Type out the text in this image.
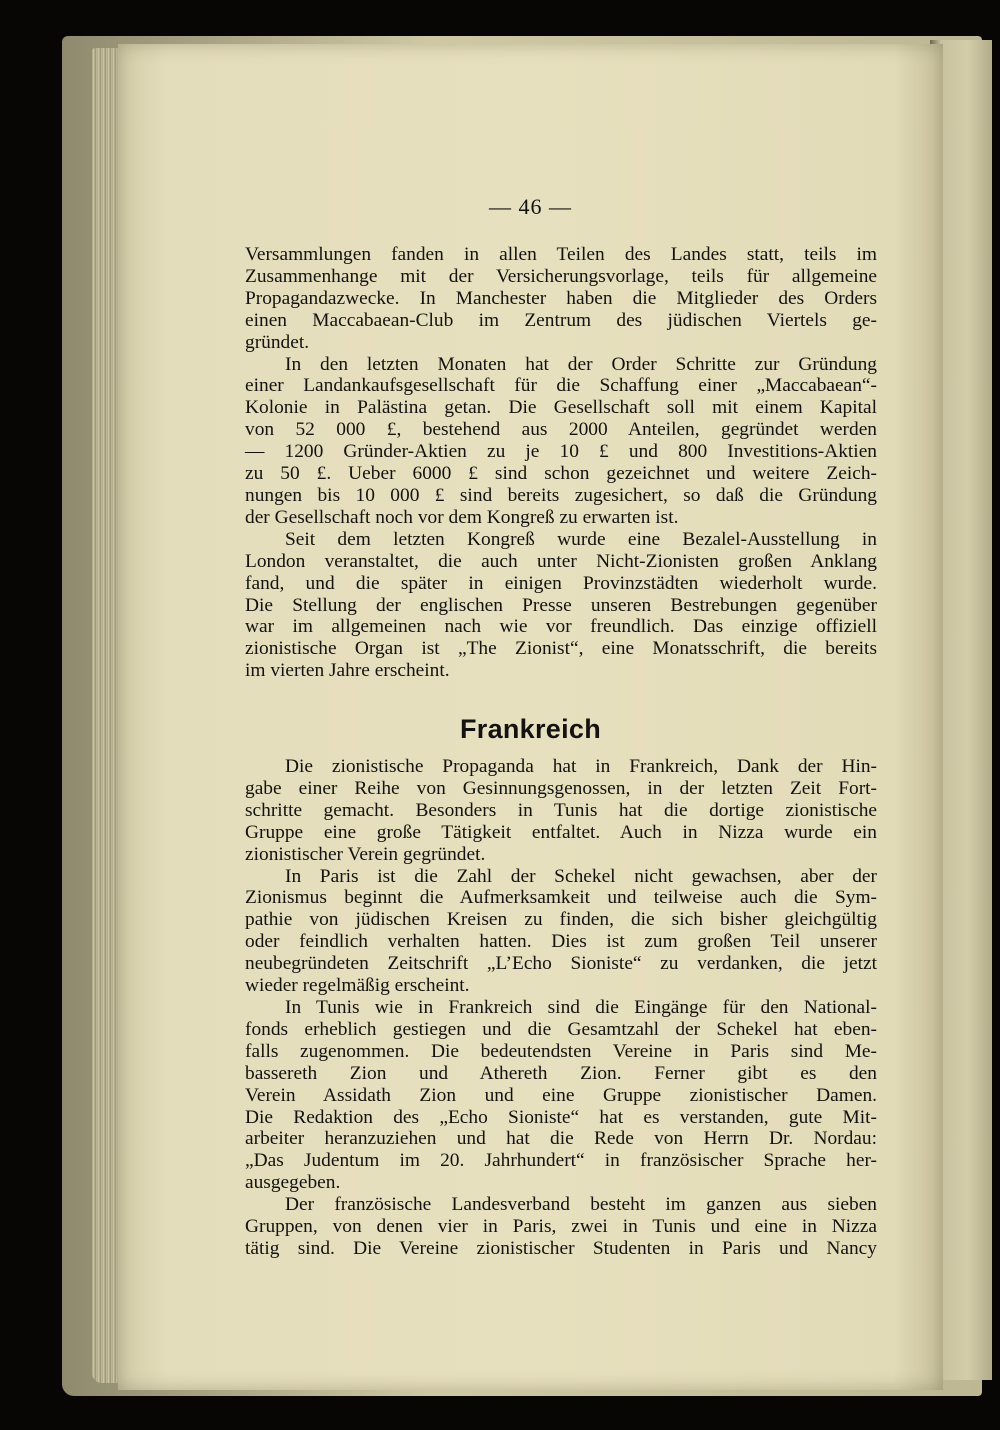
— 46 —
Versammlungen fanden in allen Teilen des Landes statt, teils im
Zusammenhange mit der Versicherungsvorlage, teils für allgemeine
Propagandazwecke. In Manchester haben die Mitglieder des Orders
einen Maccabaean-Club im Zentrum des jüdischen Viertels ge-
gründet.
In den letzten Monaten hat der Order Schritte zur Gründung
einer Landankaufsgesellschaft für die Schaffung einer „Maccabaean“-
Kolonie in Palästina getan. Die Gesellschaft soll mit einem Kapital
von 52 000 £, bestehend aus 2000 Anteilen, gegründet werden
— 1200 Gründer-Aktien zu je 10 £ und 800 Investitions-Aktien
zu 50 £. Ueber 6000 £ sind schon gezeichnet und weitere Zeich-
nungen bis 10 000 £ sind bereits zugesichert, so daß die Gründung
der Gesellschaft noch vor dem Kongreß zu erwarten ist.
Seit dem letzten Kongreß wurde eine Bezalel-Ausstellung in
London veranstaltet, die auch unter Nicht-Zionisten großen Anklang
fand, und die später in einigen Provinzstädten wiederholt wurde.
Die Stellung der englischen Presse unseren Bestrebungen gegenüber
war im allgemeinen nach wie vor freundlich. Das einzige offiziell
zionistische Organ ist „The Zionist“, eine Monatsschrift, die bereits
im vierten Jahre erscheint.
Frankreich
Die zionistische Propaganda hat in Frankreich, Dank der Hin-
gabe einer Reihe von Gesinnungsgenossen, in der letzten Zeit Fort-
schritte gemacht. Besonders in Tunis hat die dortige zionistische
Gruppe eine große Tätigkeit entfaltet. Auch in Nizza wurde ein
zionistischer Verein gegründet.
In Paris ist die Zahl der Schekel nicht gewachsen, aber der
Zionismus beginnt die Aufmerksamkeit und teilweise auch die Sym-
pathie von jüdischen Kreisen zu finden, die sich bisher gleichgültig
oder feindlich verhalten hatten. Dies ist zum großen Teil unserer
neubegründeten Zeitschrift „L’Echo Sioniste“ zu verdanken, die jetzt
wieder regelmäßig erscheint.
In Tunis wie in Frankreich sind die Eingänge für den National-
fonds erheblich gestiegen und die Gesamtzahl der Schekel hat eben-
falls zugenommen. Die bedeutendsten Vereine in Paris sind Me-
bassereth Zion und Athereth Zion. Ferner gibt es den
Verein Assidath Zion und eine Gruppe zionistischer Damen.
Die Redaktion des „Echo Sioniste“ hat es verstanden, gute Mit-
arbeiter heranzuziehen und hat die Rede von Herrn Dr. Nordau:
„Das Judentum im 20. Jahrhundert“ in französischer Sprache her-
ausgegeben.
Der französische Landesverband besteht im ganzen aus sieben
Gruppen, von denen vier in Paris, zwei in Tunis und eine in Nizza
tätig sind. Die Vereine zionistischer Studenten in Paris und Nancy
